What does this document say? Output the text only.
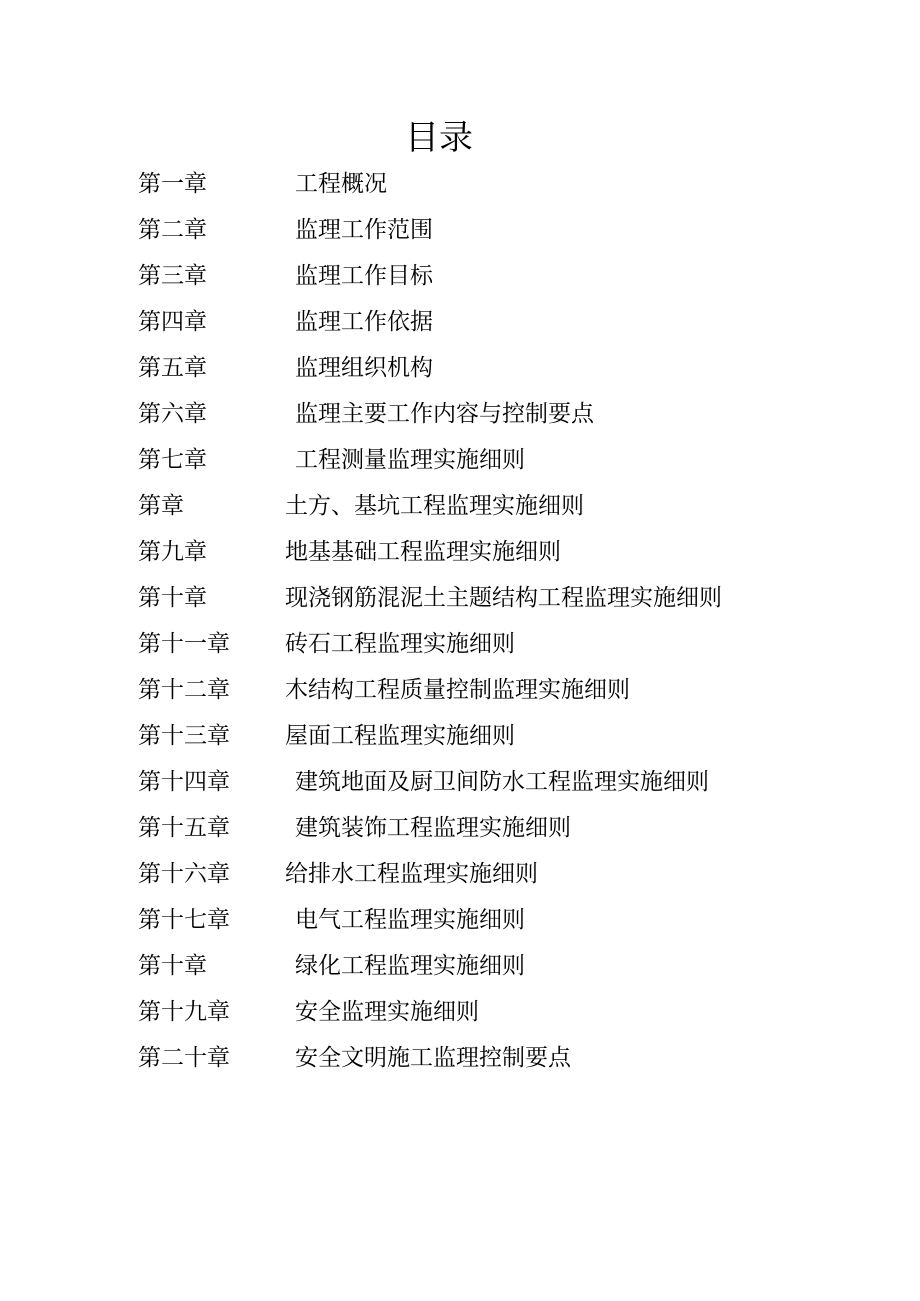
目录
第一章	工程概况
第二章	监理工作范围
第三章	监理工作目标
第四章	监理工作依据
第五章	监理组织机构
第六章	监理主要工作内容与控制要点
第七章	工程测量监理实施细则
第章	土方、基坑工程监理实施细则
第九章	地基基础工程监理实施细则
第十章	现浇钢筋混泥土主题结构工程监理实施细则
第十一章	砖石工程监理实施细则
第十二章	木结构工程质量控制监理实施细则
第十三章	屋面工程监理实施细则
第十四章	建筑地面及厨卫间防水工程监理实施细则
第十五章	建筑装饰工程监理实施细则
第十六章	给排水工程监理实施细则
第十七章	电气工程监理实施细则
第十章	绿化工程监理实施细则
第十九章	安全监理实施细则
第二十章	安全文明施工监理控制要点
